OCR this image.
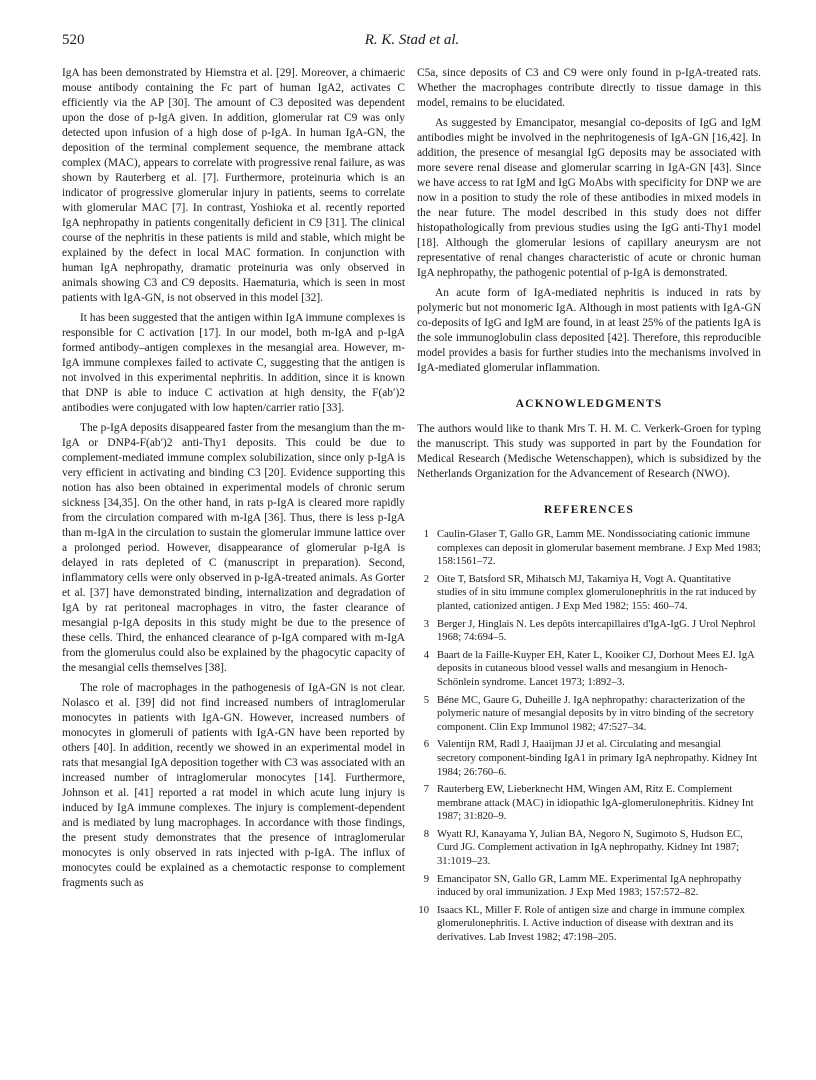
520	R. K. Stad et al.

IgA has been demonstrated by Hiemstra et al. [29]. Moreover, a chimaeric mouse antibody containing the Fc part of human IgA2, activates C efficiently via the AP [30]. The amount of C3 deposited was dependent upon the dose of p-IgA given. In addition, glomerular rat C9 was only detected upon infusion of a high dose of p-IgA. In human IgA-GN, the deposition of the terminal complement sequence, the membrane attack complex (MAC), appears to correlate with progressive renal failure, as was shown by Rauterberg et al. [7]. Furthermore, proteinuria which is an indicator of progressive glomerular injury in patients, seems to correlate with glomerular MAC [7]. In contrast, Yoshioka et al. recently reported IgA nephropathy in patients congenitally deficient in C9 [31]. The clinical course of the nephritis in these patients is mild and stable, which might be explained by the defect in local MAC formation. In conjunction with human IgA nephropathy, dramatic proteinuria was only observed in animals showing C3 and C9 deposits. Haematuria, which is seen in most patients with IgA-GN, is not observed in this model [32].

It has been suggested that the antigen within IgA immune complexes is responsible for C activation [17]. In our model, both m-IgA and p-IgA formed antibody–antigen complexes in the mesangial area. However, m-IgA immune complexes failed to activate C, suggesting that the antigen is not involved in this experimental nephritis. In addition, since it is known that DNP is able to induce C activation at high density, the F(ab′)2 antibodies were conjugated with low hapten/carrier ratio [33].

The p-IgA deposits disappeared faster from the mesangium than the m-IgA or DNP4-F(ab′)2 anti-Thy1 deposits. This could be due to complement-mediated immune complex solubilization, since only p-IgA is very efficient in activating and binding C3 [20]. Evidence supporting this notion has also been obtained in experimental models of chronic serum sickness [34,35]. On the other hand, in rats p-IgA is cleared more rapidly from the circulation compared with m-IgA [36]. Thus, there is less p-IgA than m-IgA in the circulation to sustain the glomerular immune lattice over a prolonged period. However, disappearance of glomerular p-IgA is delayed in rats depleted of C (manuscript in preparation). Second, inflammatory cells were only observed in p-IgA-treated animals. As Gorter et al. [37] have demonstrated binding, internalization and degradation of IgA by rat peritoneal macrophages in vitro, the faster clearance of mesangial p-IgA deposits in this study might be due to the presence of these cells. Third, the enhanced clearance of p-IgA compared with m-IgA from the glomerulus could also be explained by the phagocytic capacity of the mesangial cells themselves [38].

The role of macrophages in the pathogenesis of IgA-GN is not clear. Nolasco et al. [39] did not find increased numbers of intraglomerular monocytes in patients with IgA-GN. However, increased numbers of monocytes in glomeruli of patients with IgA-GN have been reported by others [40]. In addition, recently we showed in an experimental model in rats that mesangial IgA deposition together with C3 was associated with an increased number of intraglomerular monocytes [14]. Furthermore, Johnson et al. [41] reported a rat model in which acute lung injury is induced by IgA immune complexes. The injury is complement-dependent and is mediated by lung macrophages. In accordance with those findings, the present study demonstrates that the presence of intraglomerular monocytes is only observed in rats injected with p-IgA. The influx of monocytes could be explained as a chemotactic response to complement fragments such as

C5a, since deposits of C3 and C9 were only found in p-IgA-treated rats. Whether the macrophages contribute directly to tissue damage in this model, remains to be elucidated.

As suggested by Emancipator, mesangial co-deposits of IgG and IgM antibodies might be involved in the nephritogenesis of IgA-GN [16,42]. In addition, the presence of mesangial IgG deposits may be associated with more severe renal disease and glomerular scarring in IgA-GN [43]. Since we have access to rat IgM and IgG MoAbs with specificity for DNP we are now in a position to study the role of these antibodies in mixed models in the near future. The model described in this study does not differ histopathologically from previous studies using the IgG anti-Thy1 model [18]. Although the glomerular lesions of capillary aneurysm are not representative of renal changes characteristic of acute or chronic human IgA nephropathy, the pathogenic potential of p-IgA is demonstrated.

An acute form of IgA-mediated nephritis is induced in rats by polymeric but not monomeric IgA. Although in most patients with IgA-GN co-deposits of IgG and IgM are found, in at least 25% of the patients IgA is the sole immunoglobulin class deposited [42]. Therefore, this reproducible model provides a basis for further studies into the mechanisms involved in IgA-mediated glomerular inflammation.

ACKNOWLEDGMENTS

The authors would like to thank Mrs T. H. M. C. Verkerk-Groen for typing the manuscript. This study was supported in part by the Foundation for Medical Research (Medische Wetenschappen), which is subsidized by the Netherlands Organization for the Advancement of Research (NWO).

REFERENCES
1 Caulin-Glaser T, Gallo GR, Lamm ME. Nondissociating cationic immune complexes can deposit in glomerular basement membrane. J Exp Med 1983; 158:1561–72.
2 Oite T, Batsford SR, Mihatsch MJ, Takamiya H, Vogt A. Quantitative studies of in situ immune complex glomerulonephritis in the rat induced by planted, cationized antigen. J Exp Med 1982; 155: 460–74.
3 Berger J, Hinglais N. Les depôts intercapillaires d'IgA-IgG. J Urol Nephrol 1968; 74:694–5.
4 Baart de la Faille-Kuyper EH, Kater L, Kooiker CJ, Dorhout Mees EJ. IgA deposits in cutaneous blood vessel walls and mesangium in Henoch-Schönlein syndrome. Lancet 1973; 1:892–3.
5 Béne MC, Gaure G, Duheille J. IgA nephropathy: characterization of the polymeric nature of mesangial deposits by in vitro binding of the secretory component. Clin Exp Immunol 1982; 47:527–34.
6 Valentijn RM, Radl J, Haaijman JJ et al. Circulating and mesangial secretory component-binding IgA1 in primary IgA nephropathy. Kidney Int 1984; 26:760–6.
7 Rauterberg EW, Lieberknecht HM, Wingen AM, Ritz E. Complement membrane attack (MAC) in idiopathic IgA-glomerulonephritis. Kidney Int 1987; 31:820–9.
8 Wyatt RJ, Kanayama Y, Julian BA, Negoro N, Sugimoto S, Hudson EC, Curd JG. Complement activation in IgA nephropathy. Kidney Int 1987; 31:1019–23.
9 Emancipator SN, Gallo GR, Lamm ME. Experimental IgA nephropathy induced by oral immunization. J Exp Med 1983; 157:572–82.
10 Isaacs KL, Miller F. Role of antigen size and charge in immune complex glomerulonephritis. I. Active induction of disease with dextran and its derivatives. Lab Invest 1982; 47:198–205.
